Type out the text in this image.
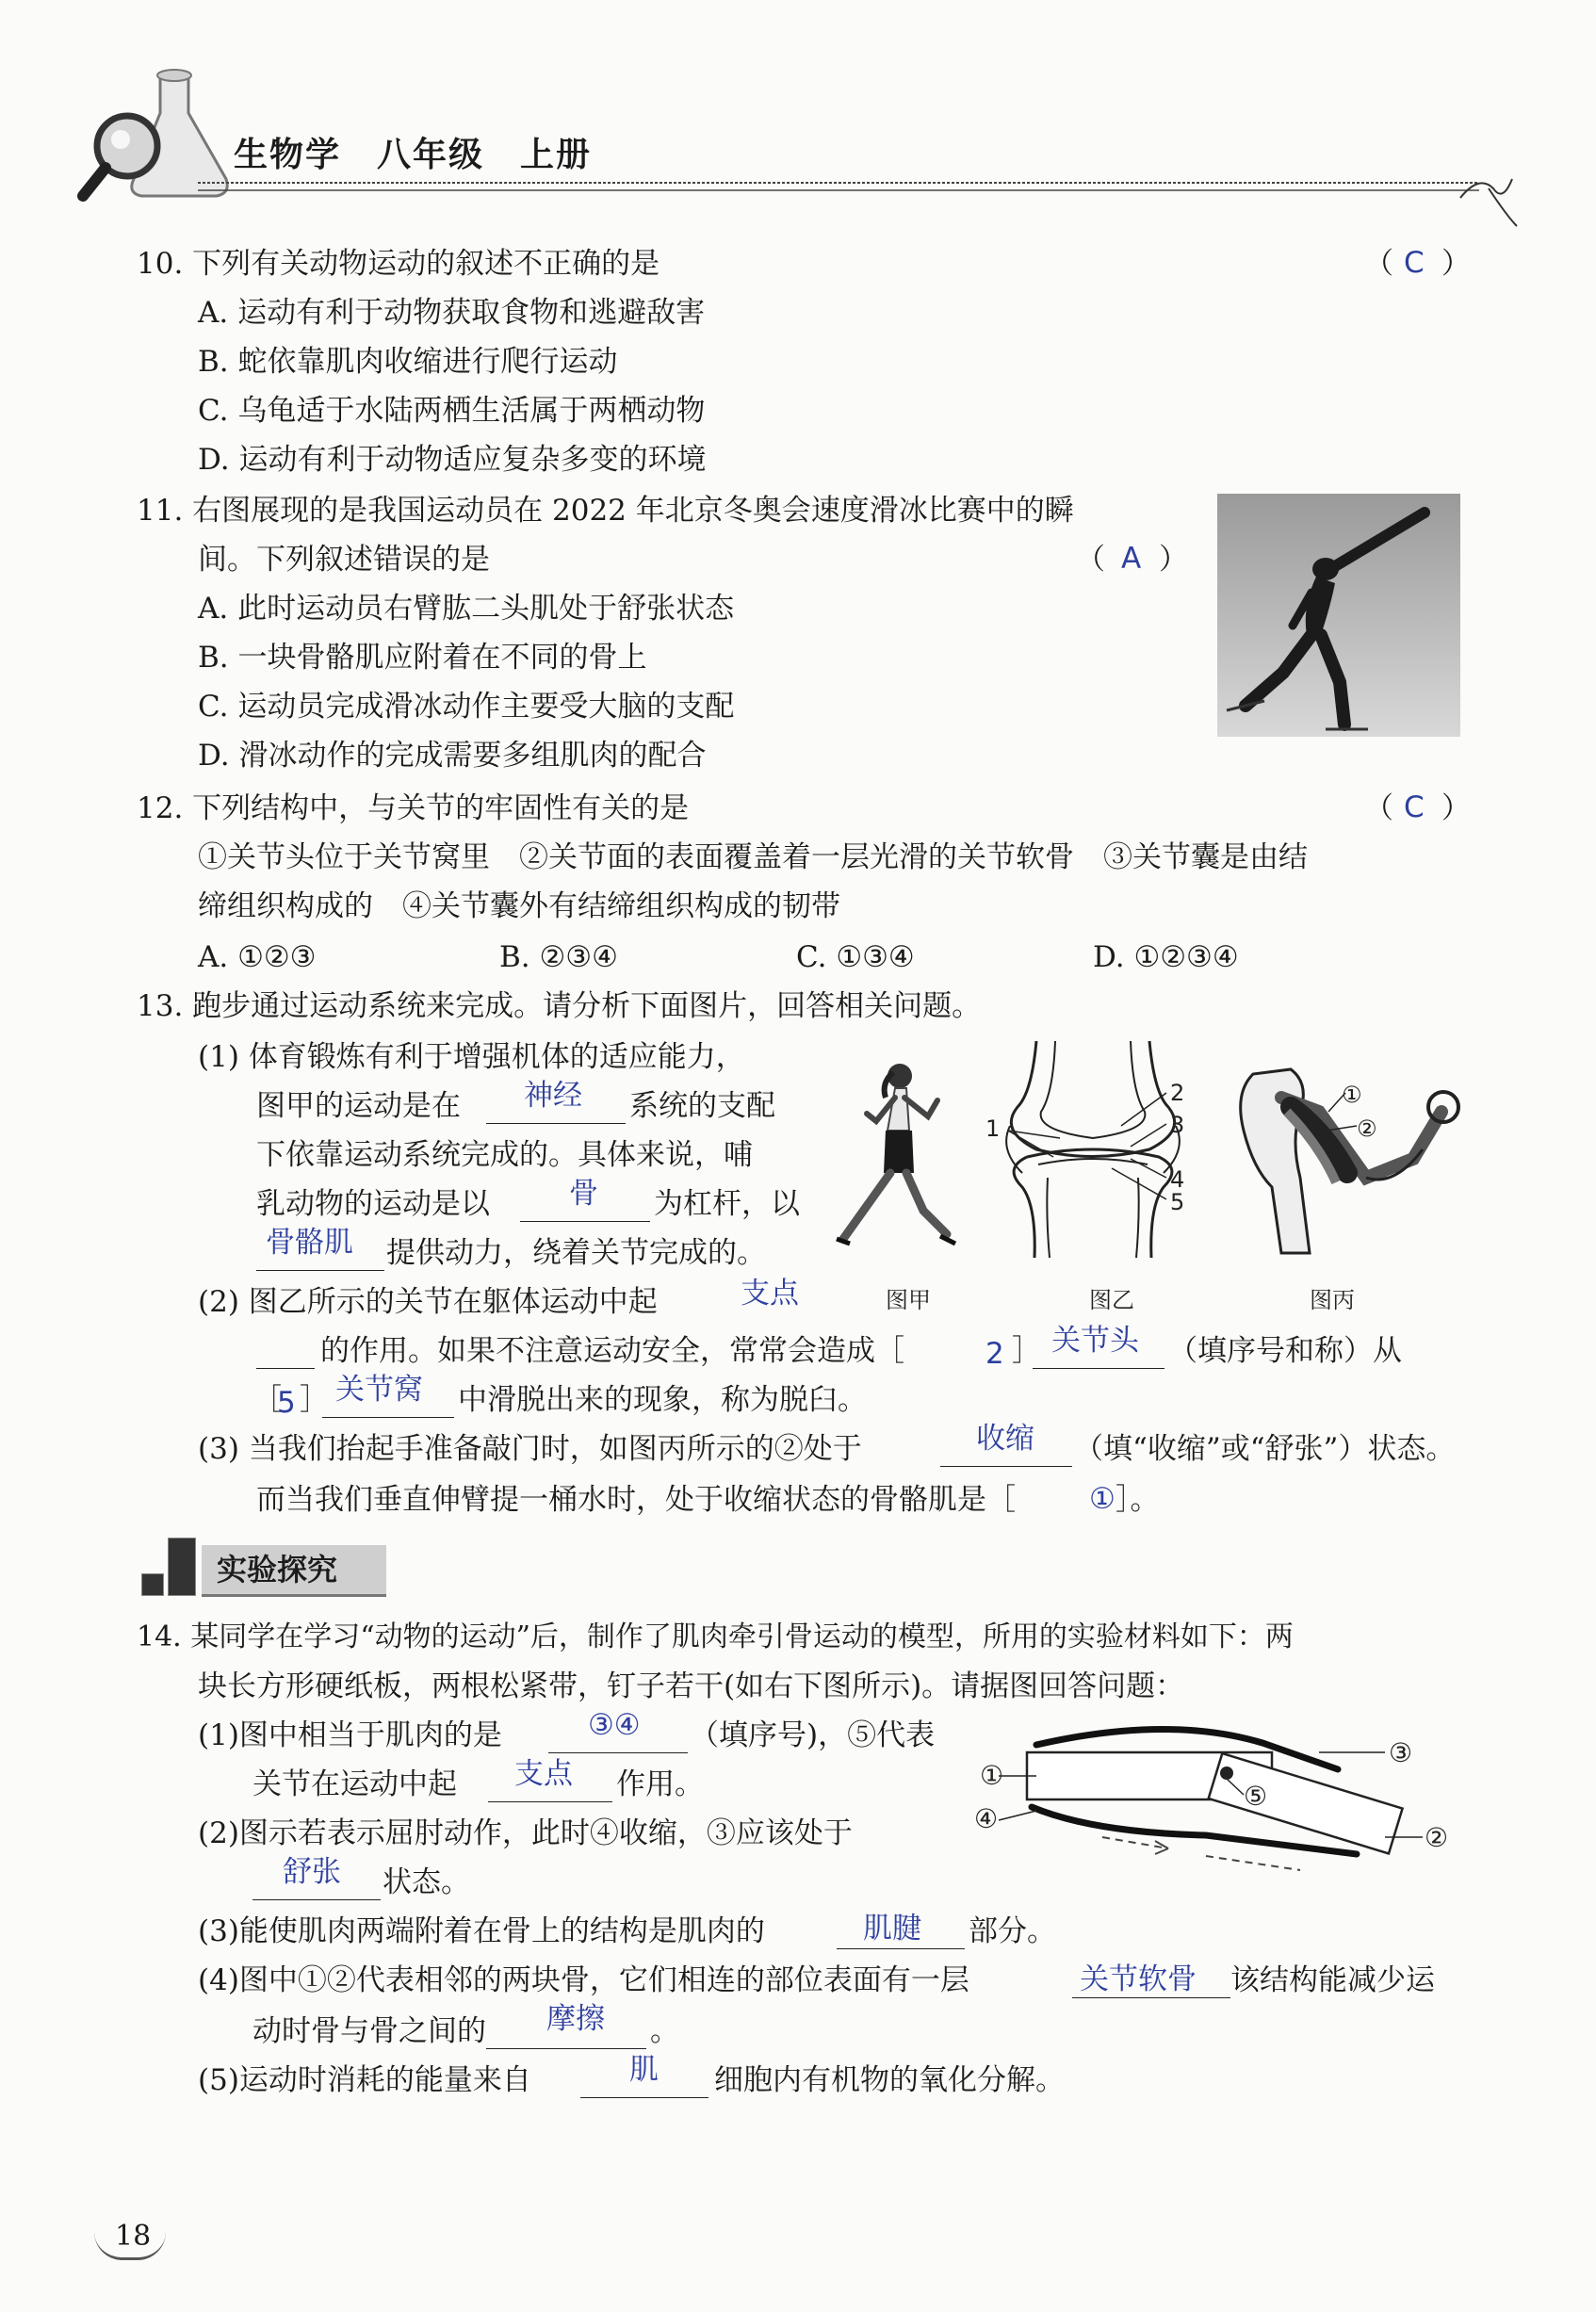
生物学　八年级　上册
10. 下列有关动物运动的叙述不正确的是	（ C ）
A. 运动有利于动物获取食物和逃避敌害
B. 蛇依靠肌肉收缩进行爬行运动
C. 乌龟适于水陆两栖生活属于两栖动物
D. 运动有利于动物适应复杂多变的环境
11. 右图展现的是我国运动员在 2022 年北京冬奥会速度滑冰比赛中的瞬
间。下列叙述错误的是	（ A ）
A. 此时运动员右臂肱二头肌处于舒张状态
B. 一块骨骼肌应附着在不同的骨上
C. 运动员完成滑冰动作主要受大脑的支配
D. 滑冰动作的完成需要多组肌肉的配合
12. 下列结构中，与关节的牢固性有关的是	（ C ）
①关节头位于关节窝里　②关节面的表面覆盖着一层光滑的关节软骨　③关节囊是由结
缔组织构成的　④关节囊外有结缔组织构成的韧带
A. ①②③	B. ②③④	C. ①③④	D. ①②③④
13. 跑步通过运动系统来完成。请分析下面图片，回答相关问题。
(1) 体育锻炼有利于增强机体的适应能力，
图甲的运动是在 神经 系统的支配
下依靠运动系统完成的。具体来说，哺
乳动物的运动是以	骨 为杠杆，以
骨骼肌 提供动力，绕着关节完成的。
图甲
1
2
3
4
5
图乙
①
②
图丙
(2) 图乙所示的关节在躯体运动中起	支点
的作用。如果不注意运动安全，常常会造成［	2 ］ 关节头 （填序号和称）从
［
5 ］ 关节窝 中滑脱出来的现象，称为脱臼。
(3) 当我们抬起手准备敲门时，如图丙所示的②处于	收缩 （填“收缩”或“舒张”）状态。
而当我们垂直伸臂提一桶水时，处于收缩状态的骨骼肌是［	① ］。
实验探究
14. 某同学在学习“动物的运动”后，制作了肌肉牵引骨运动的模型，所用的实验材料如下：两
块长方形硬纸板，两根松紧带，钉子若干(如右下图所示)。请据图回答问题：
(1)图中相当于肌肉的是	③④ （填序号)，⑤代表
关节在运动中起 支点 作用。
(2)图示若表示屈肘动作，此时④收缩，③应该处于
舒张 状态。
①
②
③
④
⑤
(3)能使肌肉两端附着在骨上的结构是肌肉的	肌腱 部分。
(4)图中①②代表相邻的两块骨，它们相连的部位表面有一层	关节软骨 该结构能减少运
动时骨与骨之间的 摩擦 。
(5)运动时消耗的能量来自	肌 细胞内有机物的氧化分解。
18
